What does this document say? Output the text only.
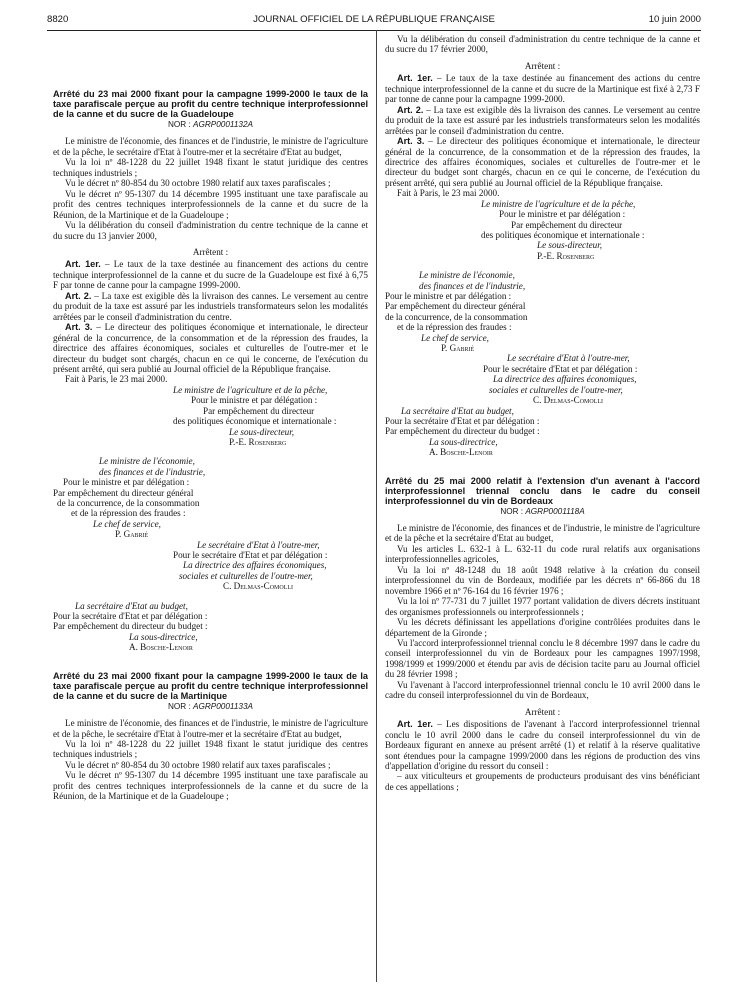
8820	JOURNAL OFFICIEL DE LA RÉPUBLIQUE FRANÇAISE	10 juin 2000

Arrêté du 23 mai 2000 fixant pour la campagne 1999-2000 le taux de la taxe parafiscale perçue au profit du centre technique interprofessionnel de la canne et du sucre de la Guadeloupe

NOR : AGRP0001132A

Le ministre de l'économie, des finances et de l'industrie, le ministre de l'agriculture et de la pêche, le secrétaire d'Etat à l'outre-mer et la secrétaire d'Etat au budget,

Vu la loi nº 48-1228 du 22 juillet 1948 fixant le statut juridique des centres techniques industriels ;

Vu le décret nº 80-854 du 30 octobre 1980 relatif aux taxes parafiscales ;

Vu le décret nº 95-1307 du 14 décembre 1995 instituant une taxe parafiscale au profit des centres techniques interprofessionnels de la canne et du sucre de la Réunion, de la Martinique et de la Guadeloupe ;

Vu la délibération du conseil d'administration du centre technique de la canne et du sucre du 13 janvier 2000,

Arrêtent :

Art. 1er. – Le taux de la taxe destinée au financement des actions du centre technique interprofessionnel de la canne et du sucre de la Guadeloupe est fixé à 6,75 F par tonne de canne pour la campagne 1999-2000.

Art. 2. – La taxe est exigible dès la livraison des cannes. Le versement au centre du produit de la taxe est assuré par les industriels transformateurs selon les modalités arrêtées par le conseil d'administration du centre.

Art. 3. – Le directeur des politiques économique et internationale, le directeur général de la concurrence, de la consommation et de la répression des fraudes, la directrice des affaires économiques, sociales et culturelles de l'outre-mer et le directeur du budget sont chargés, chacun en ce qui le concerne, de l'exécution du présent arrêté, qui sera publié au Journal officiel de la République française.

Fait à Paris, le 23 mai 2000.

Le ministre de l'agriculture et de la pêche,
Pour le ministre et par délégation :
Par empêchement du directeur
des politiques économique et internationale :
Le sous-directeur,
P.-E. Rosenberg
Le ministre de l'économie,
des finances et de l'industrie,
Pour le ministre et par délégation :
Par empêchement du directeur général
de la concurrence, de la consommation
et de la répression des fraudes :
Le chef de service,
P. Gabrié
Le secrétaire d'Etat à l'outre-mer,
Pour le secrétaire d'Etat et par délégation :
La directrice des affaires économiques,
sociales et culturelles de l'outre-mer,
C. Delmas-Comolli
La secrétaire d'Etat au budget,
Pour la secrétaire d'Etat et par délégation :
Par empêchement du directeur du budget :
La sous-directrice,
A. Bosche-Lenoir

Arrêté du 23 mai 2000 fixant pour la campagne 1999-2000 le taux de la taxe parafiscale perçue au profit du centre technique interprofessionnel de la canne et du sucre de la Martinique

NOR : AGRP0001133A

Le ministre de l'économie, des finances et de l'industrie, le ministre de l'agriculture et de la pêche, le secrétaire d'Etat à l'outre-mer et la secrétaire d'Etat au budget,

Vu la loi nº 48-1228 du 22 juillet 1948 fixant le statut juridique des centres techniques industriels ;

Vu le décret nº 80-854 du 30 octobre 1980 relatif aux taxes parafiscales ;

Vu le décret nº 95-1307 du 14 décembre 1995 instituant une taxe parafiscale au profit des centres techniques interprofessionnels de la canne et du sucre de la Réunion, de la Martinique et de la Guadeloupe ;

Vu la délibération du conseil d'administration du centre technique de la canne et du sucre du 17 février 2000,

Arrêtent :

Art. 1er. – Le taux de la taxe destinée au financement des actions du centre technique interprofessionnel de la canne et du sucre de la Martinique est fixé à 2,73 F par tonne de canne pour la campagne 1999-2000.

Art. 2. – La taxe est exigible dès la livraison des cannes. Le versement au centre du produit de la taxe est assuré par les industriels transformateurs selon les modalités arrêtées par le conseil d'administration du centre.

Art. 3. – Le directeur des politiques économique et internationale, le directeur général de la concurrence, de la consommation et de la répression des fraudes, la directrice des affaires économiques, sociales et culturelles de l'outre-mer et le directeur du budget sont chargés, chacun en ce qui le concerne, de l'exécution du présent arrêté, qui sera publié au Journal officiel de la République française.

Fait à Paris, le 23 mai 2000.

Le ministre de l'agriculture et de la pêche,
Pour le ministre et par délégation :
Par empêchement du directeur
des politiques économique et internationale :
Le sous-directeur,
P.-E. Rosenberg
Le ministre de l'économie,
des finances et de l'industrie,
Pour le ministre et par délégation :
Par empêchement du directeur général
de la concurrence, de la consommation
et de la répression des fraudes :
Le chef de service,
P. Gabrié
Le secrétaire d'Etat à l'outre-mer,
Pour le secrétaire d'Etat et par délégation :
La directrice des affaires économiques,
sociales et culturelles de l'outre-mer,
C. Delmas-Comolli
La secrétaire d'Etat au budget,
Pour la secrétaire d'Etat et par délégation :
Par empêchement du directeur du budget :
La sous-directrice,
A. Bosche-Lenoir

Arrêté du 25 mai 2000 relatif à l'extension d'un avenant à l'accord interprofessionnel triennal conclu dans le cadre du conseil interprofessionnel du vin de Bordeaux

NOR : AGRP0001118A

Le ministre de l'économie, des finances et de l'industrie, le ministre de l'agriculture et de la pêche et la secrétaire d'Etat au budget,

Vu les articles L. 632-1 à L. 632-11 du code rural relatifs aux organisations interprofessionnelles agricoles,

Vu la loi nº 48-1248 du 18 août 1948 relative à la création du conseil interprofessionnel du vin de Bordeaux, modifiée par les décrets nº 66-866 du 18 novembre 1966 et nº 76-164 du 16 février 1976 ;

Vu la loi nº 77-731 du 7 juillet 1977 portant validation de divers décrets instituant des organismes professionnels ou interprofessionnels ;

Vu les décrets définissant les appellations d'origine contrôlées produites dans le département de la Gironde ;

Vu l'accord interprofessionnel triennal conclu le 8 décembre 1997 dans le cadre du conseil interprofessionnel du vin de Bordeaux pour les campagnes 1997/1998, 1998/1999 et 1999/2000 et étendu par avis de décision tacite paru au Journal officiel du 28 février 1998 ;

Vu l'avenant à l'accord interprofessionnel triennal conclu le 10 avril 2000 dans le cadre du conseil interprofessionnel du vin de Bordeaux,

Arrêtent :

Art. 1er. – Les dispositions de l'avenant à l'accord interprofessionnel triennal conclu le 10 avril 2000 dans le cadre du conseil interprofessionnel du vin de Bordeaux figurant en annexe au présent arrêté (1) et relatif à la réserve qualitative sont étendues pour la campagne 1999/2000 dans les régions de production des vins d'appellation d'origine du ressort du conseil :

– aux viticulteurs et groupements de producteurs produisant des vins bénéficiant de ces appellations ;
